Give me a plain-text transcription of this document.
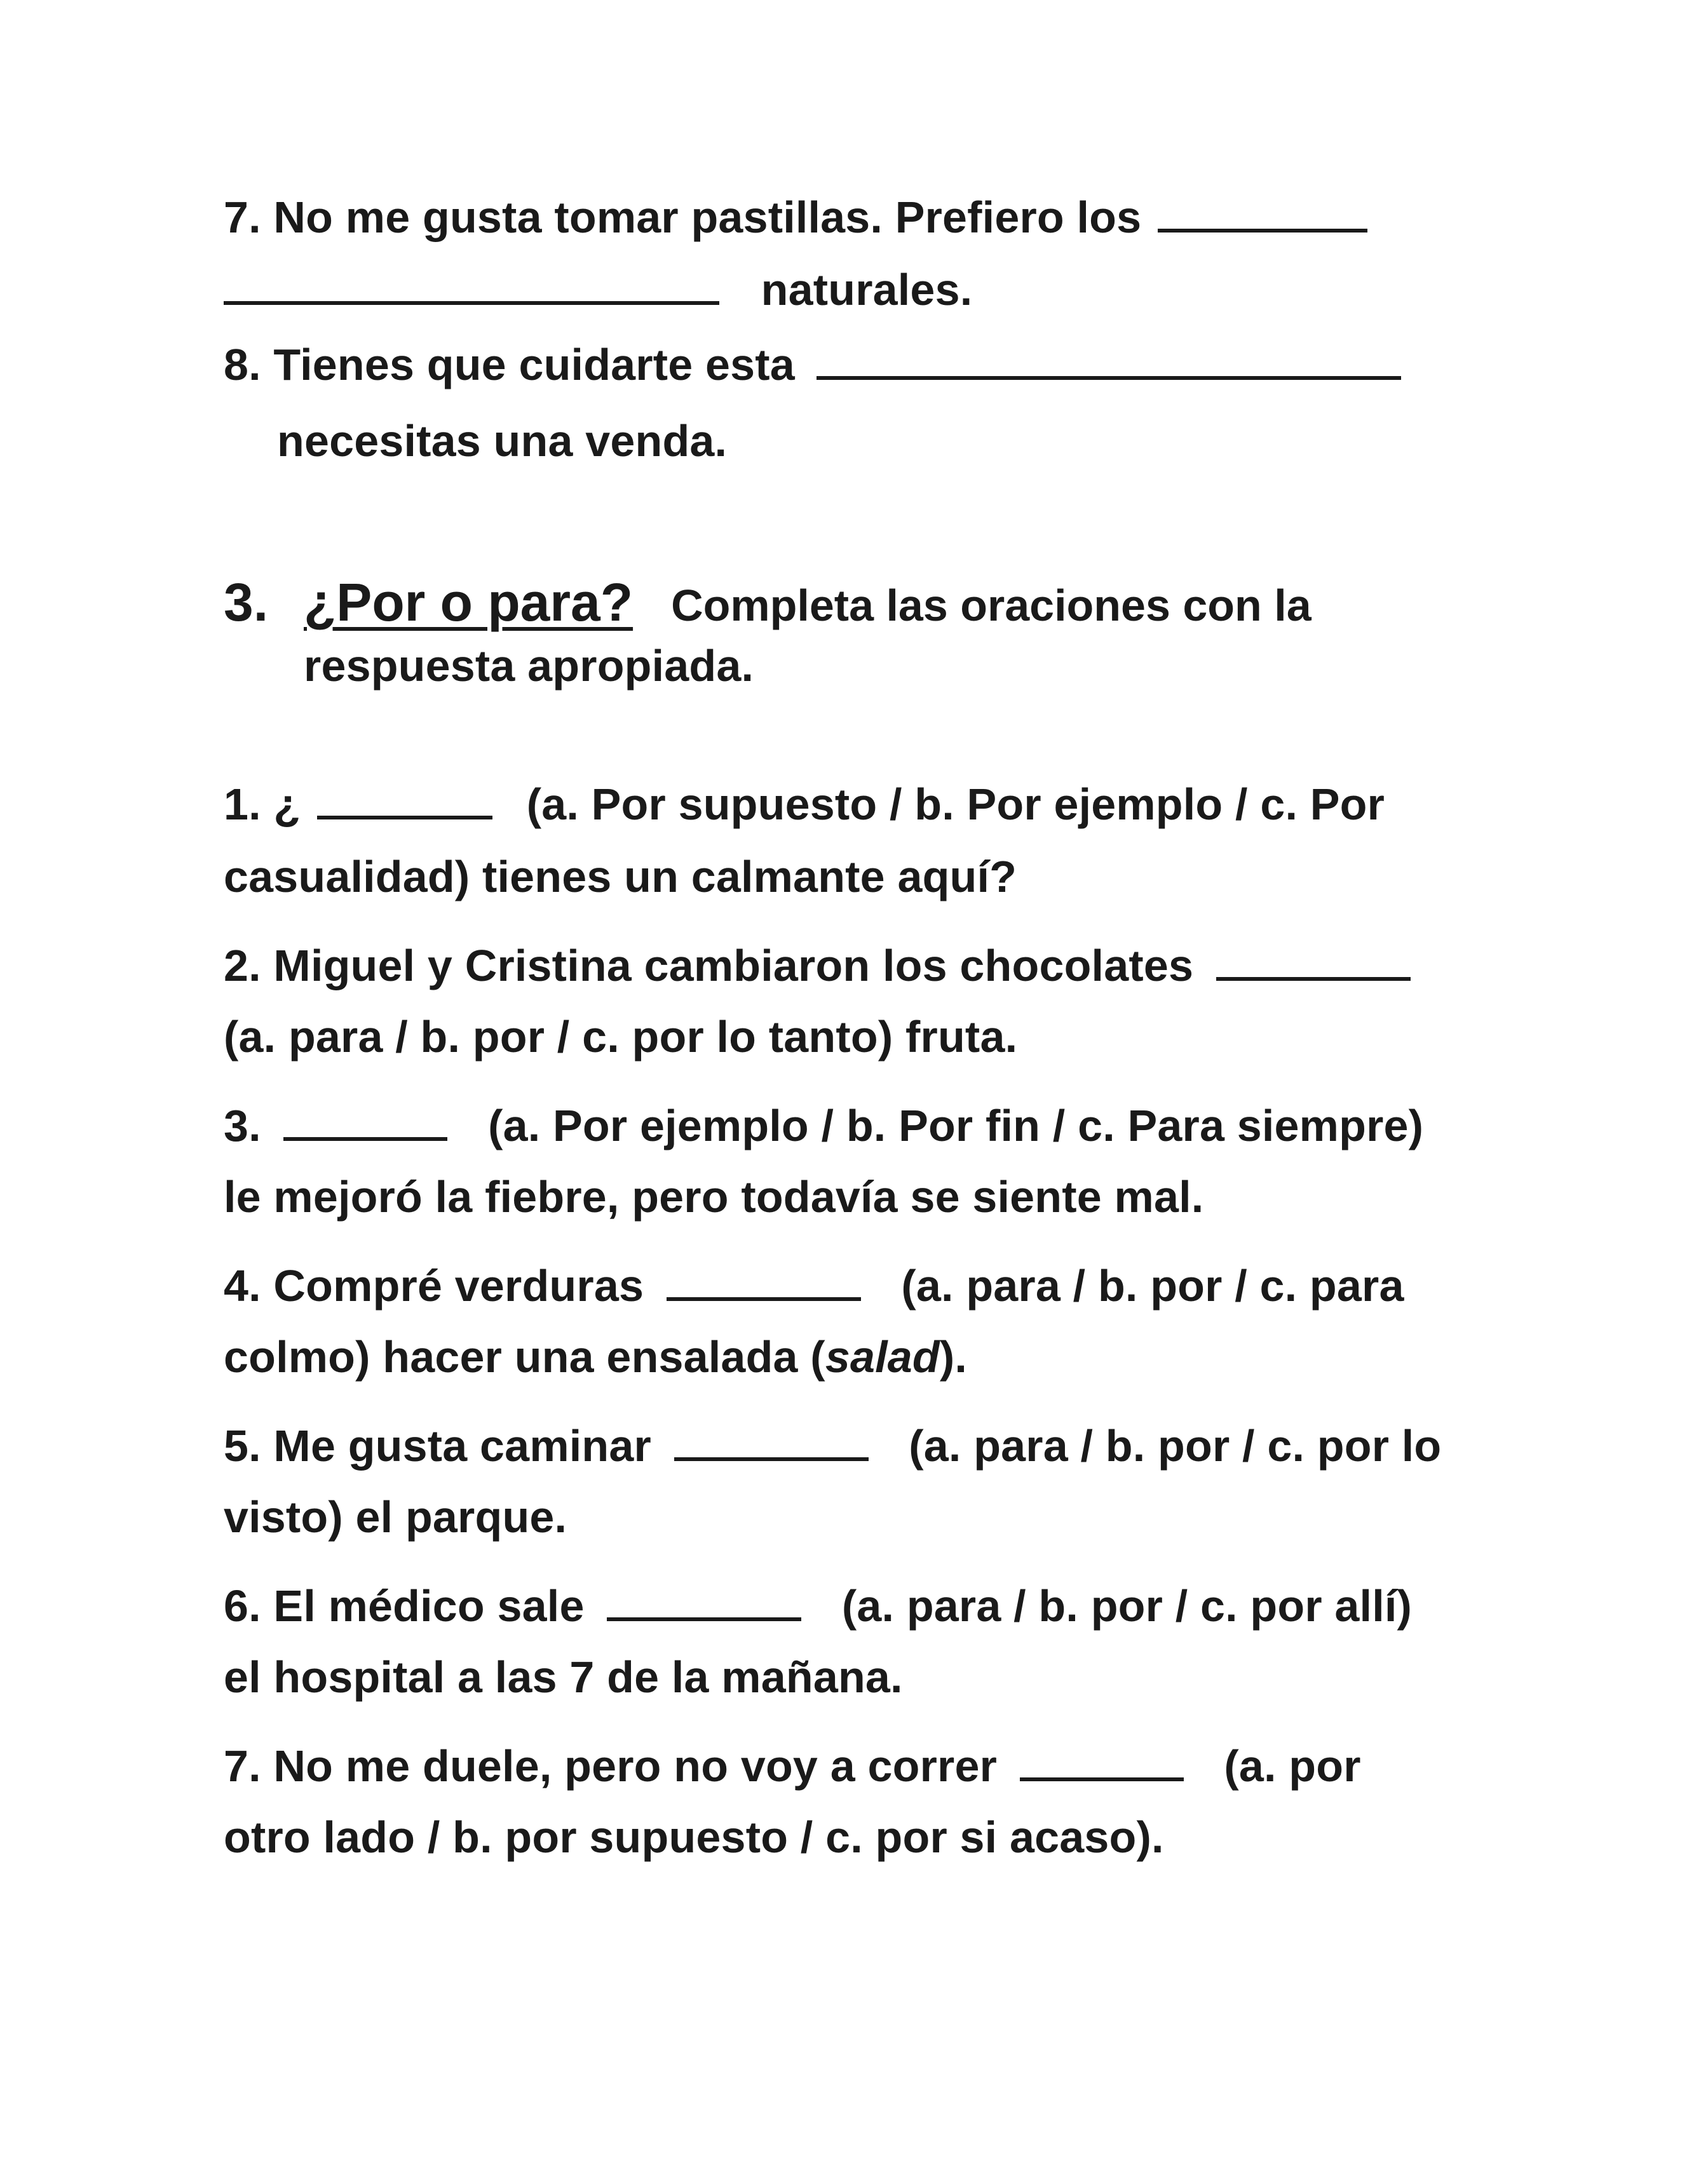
7. No me gusta tomar pastillas. Prefiero los
naturales.
8. Tienes que cuidarte esta
necesitas una venda.
3. ¿Por o para? Completa las oraciones con la
respuesta apropiada.
1. ¿	(a. Por supuesto / b. Por ejemplo / c. Por
casualidad) tienes un calmante aquí?
2. Miguel y Cristina cambiaron los chocolates
(a. para / b. por / c. por lo tanto) fruta.
3.	(a. Por ejemplo / b. Por fin / c. Para siempre)
le mejoró la fiebre, pero todavía se siente mal.
4. Compré verduras	(a. para / b. por / c. para
colmo) hacer una ensalada (salad).
5. Me gusta caminar	(a. para / b. por / c. por lo
visto) el parque.
6. El médico sale	(a. para / b. por / c. por allí)
el hospital a las 7 de la mañana.
7. No me duele, pero no voy a correr	(a. por
otro lado / b. por supuesto / c. por si acaso).
